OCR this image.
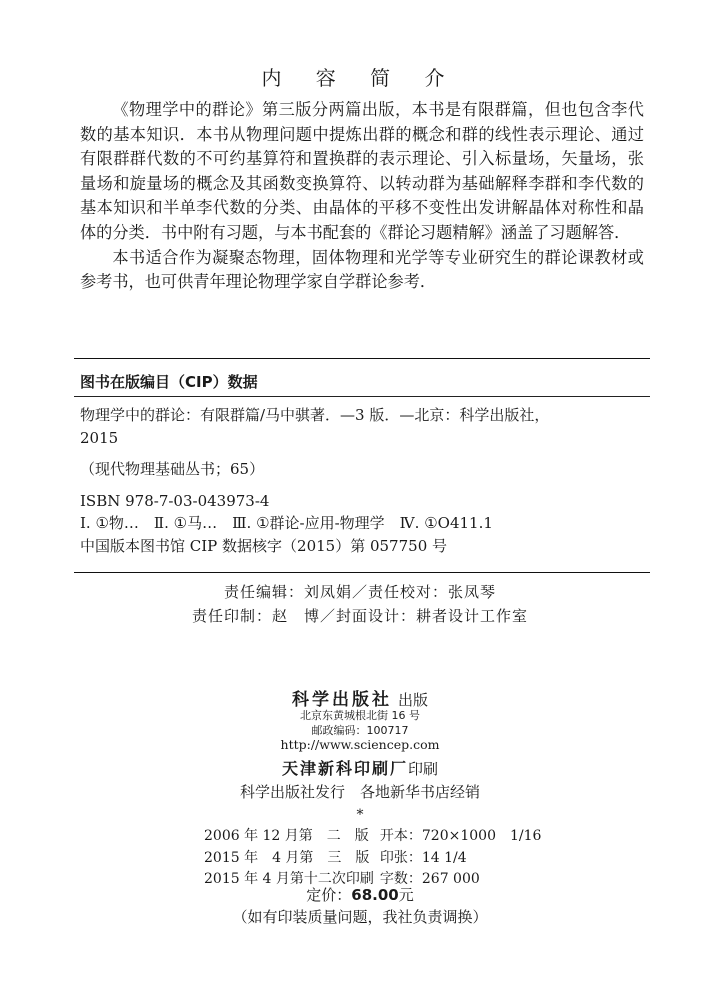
内 容 简 介

《物理学中的群论》第三版分两篇出版，本书是有限群篇，但也包含李代数的基本知识．本书从物理问题中提炼出群的概念和群的线性表示理论、通过有限群群代数的不可约基算符和置换群的表示理论、引入标量场，矢量场，张量场和旋量场的概念及其函数变换算符、以转动群为基础解释李群和李代数的基本知识和半单李代数的分类、由晶体的平移不变性出发讲解晶体对称性和晶体的分类．书中附有习题，与本书配套的《群论习题精解》涵盖了习题解答．

本书适合作为凝聚态物理，固体物理和光学等专业研究生的群论课教材或参考书，也可供青年理论物理学家自学群论参考．

图书在版编目（CIP）数据
物理学中的群论：有限群篇/马中骐著．—3 版．—北京：科学出版社，
2015
（现代物理基础丛书；65）
ISBN 978-7-03-043973-4
Ⅰ. ①物…　Ⅱ. ①马…　Ⅲ. ①群论-应用-物理学　Ⅳ. ①O411.1
中国版本图书馆 CIP 数据核字（2015）第 057750 号
责任编辑：刘凤娟／责任校对：张凤琴
责任印制：赵　博／封面设计：耕者设计工作室
科学出版社 出版
北京东黄城根北街 16 号
邮政编码：100717
http://www.sciencep.com
天津新科印刷厂印刷
科学出版社发行　各地新华书店经销
*
2006 年 12 月第　二　版	开本：720×1000　1/16
2015 年　4 月第　三　版	印张：14 1/4
2015 年 4 月第十二次印刷	字数：267 000
定价：68.00元
（如有印装质量问题，我社负责调换）
